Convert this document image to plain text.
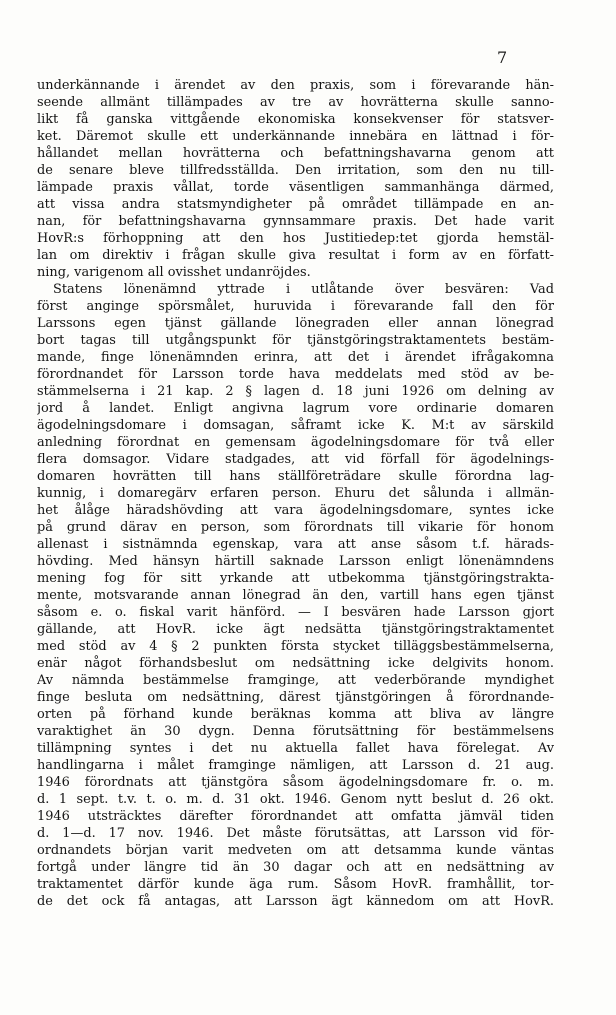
7
underkännande i ärendet av den praxis, som i förevarande hän-
seende allmänt tillämpades av tre av hovrätterna skulle sanno-
likt få ganska vittgående ekonomiska konsekvenser för statsver-
ket. Däremot skulle ett underkännande innebära en lättnad i för-
hållandet mellan hovrätterna och befattningshavarna genom att
de senare bleve tillfredsställda. Den irritation, som den nu till-
lämpade praxis vållat, torde väsentligen sammanhänga därmed,
att vissa andra statsmyndigheter på området tillämpade en an-
nan, för befattningshavarna gynnsammare praxis. Det hade varit
HovR:s förhoppning att den hos Justitiedep:tet gjorda hemstäl-
lan om direktiv i frågan skulle giva resultat i form av en författ-
ning, varigenom all ovisshet undanröjdes.
Statens lönenämnd yttrade i utlåtande över besvären: Vad
först anginge spörsmålet, huruvida i förevarande fall den för
Larssons egen tjänst gällande lönegraden eller annan lönegrad
bort tagas till utgångspunkt för tjänstgöringstraktamentets bestäm-
mande, finge lönenämnden erinra, att det i ärendet ifrågakomna
förordnandet för Larsson torde hava meddelats med stöd av be-
stämmelserna i 21 kap. 2 § lagen d. 18 juni 1926 om delning av
jord å landet. Enligt angivna lagrum vore ordinarie domaren
ägodelningsdomare i domsagan, såframt icke K. M:t av särskild
anledning förordnat en gemensam ägodelningsdomare för två eller
flera domsagor. Vidare stadgades, att vid förfall för ägodelnings-
domaren hovrätten till hans ställföreträdare skulle förordna lag-
kunnig, i domaregärv erfaren person. Ehuru det sålunda i allmän-
het ålåge häradshövding att vara ägodelningsdomare, syntes icke
på grund därav en person, som förordnats till vikarie för honom
allenast i sistnämnda egenskap, vara att anse såsom t.f. härads-
hövding. Med hänsyn härtill saknade Larsson enligt lönenämndens
mening fog för sitt yrkande att utbekomma tjänstgöringstrakta-
mente, motsvarande annan lönegrad än den, vartill hans egen tjänst
såsom e. o. fiskal varit hänförd. — I besvären hade Larsson gjort
gällande, att HovR. icke ägt nedsätta tjänstgöringstraktamentet
med stöd av 4 § 2 punkten första stycket tilläggsbestämmelserna,
enär något förhandsbeslut om nedsättning icke delgivits honom.
Av nämnda bestämmelse framginge, att vederbörande myndighet
finge besluta om nedsättning, därest tjänstgöringen å förordnande-
orten på förhand kunde beräknas komma att bliva av längre
varaktighet än 30 dygn. Denna förutsättning för bestämmelsens
tillämpning syntes i det nu aktuella fallet hava förelegat. Av
handlingarna i målet framginge nämligen, att Larsson d. 21 aug.
1946 förordnats att tjänstgöra såsom ägodelningsdomare fr. o. m.
d. 1 sept. t.v. t. o. m. d. 31 okt. 1946. Genom nytt beslut d. 26 okt.
1946 utsträcktes därefter förordnandet att omfatta jämväl tiden
d. 1—d. 17 nov. 1946. Det måste förutsättas, att Larsson vid för-
ordnandets början varit medveten om att detsamma kunde väntas
fortgå under längre tid än 30 dagar och att en nedsättning av
traktamentet därför kunde äga rum. Såsom HovR. framhållit, tor-
de det ock få antagas, att Larsson ägt kännedom om att HovR.
